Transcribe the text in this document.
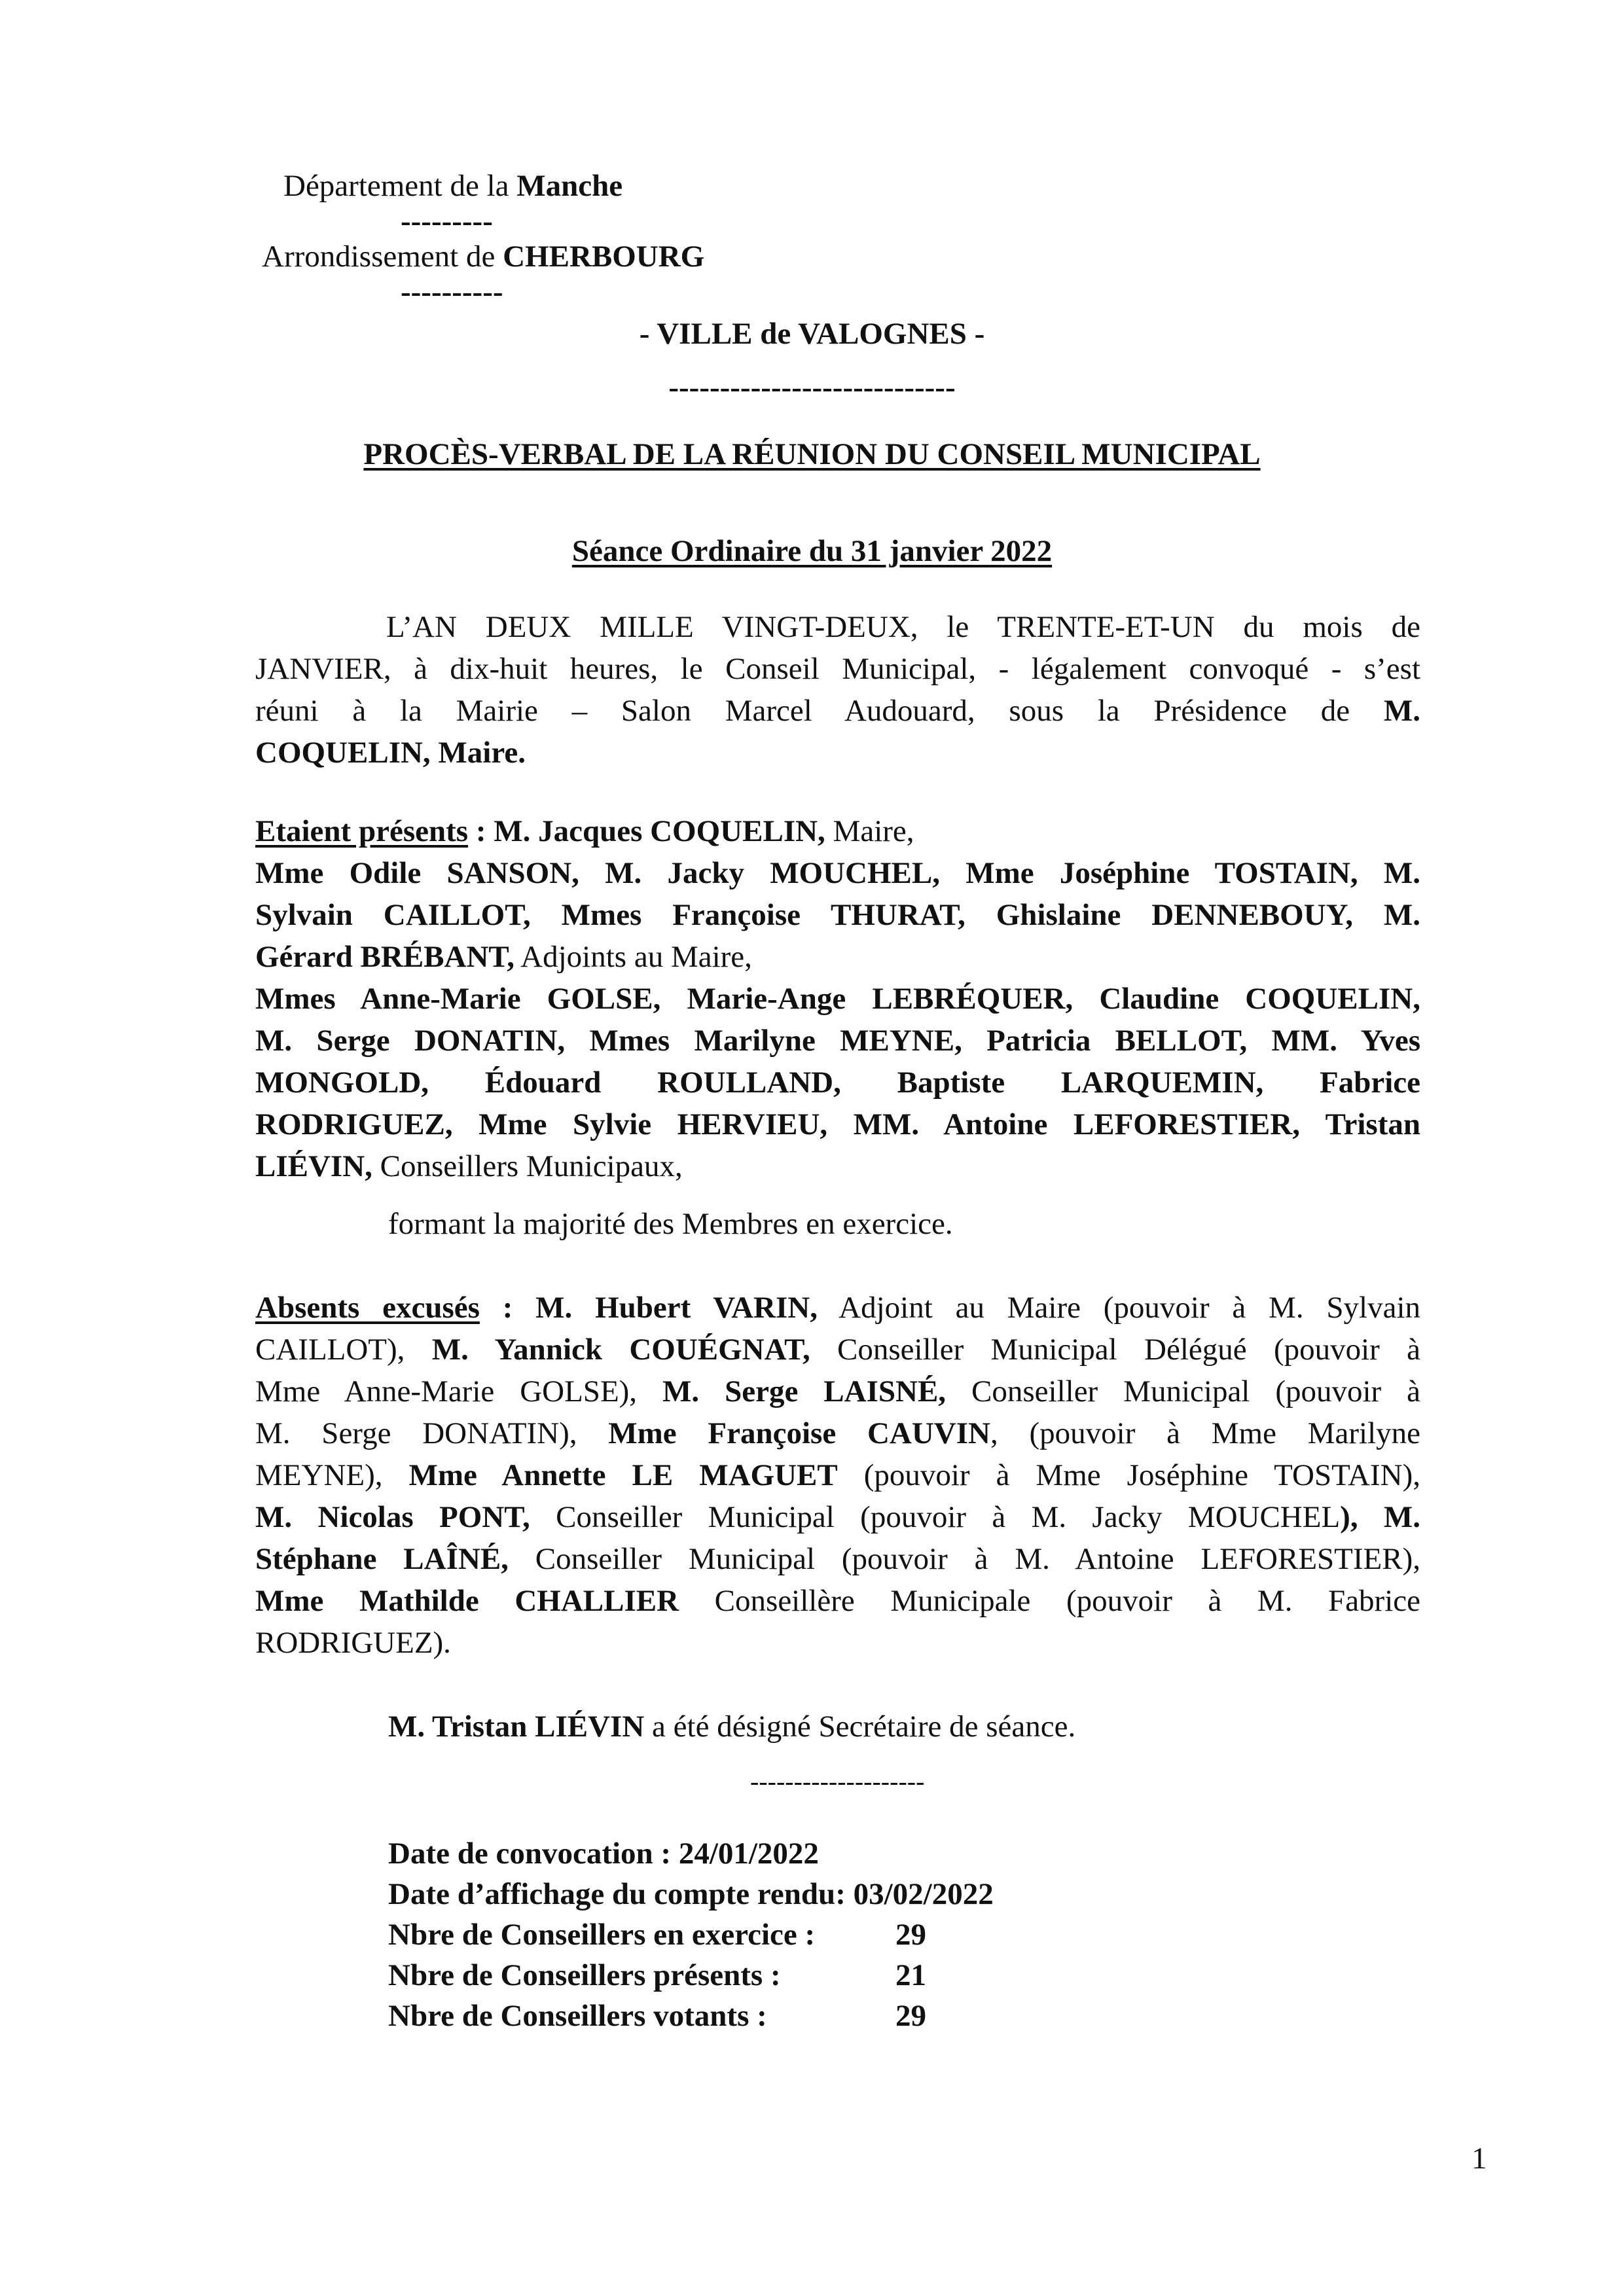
Département de la Manche
---------
Arrondissement de CHERBOURG
----------
- VILLE de VALOGNES -
----------------------------
PROCÈS-VERBAL DE LA RÉUNION DU CONSEIL MUNICIPAL
Séance Ordinaire du 31 janvier 2022
L’AN DEUX MILLE VINGT-DEUX, le TRENTE-ET-UN du mois de
JANVIER, à dix-huit heures, le Conseil Municipal, - légalement convoqué - s’est
réuni à la Mairie – Salon Marcel Audouard, sous la Présidence de M.
COQUELIN, Maire.
Etaient présents : M. Jacques COQUELIN, Maire,
Mme Odile SANSON, M. Jacky MOUCHEL, Mme Joséphine TOSTAIN, M.
Sylvain CAILLOT, Mmes Françoise THURAT, Ghislaine DENNEBOUY, M.
Gérard BRÉBANT, Adjoints au Maire,
Mmes Anne-Marie GOLSE, Marie-Ange LEBRÉQUER, Claudine COQUELIN,
M. Serge DONATIN, Mmes Marilyne MEYNE, Patricia BELLOT, MM. Yves
MONGOLD, Édouard ROULLAND, Baptiste LARQUEMIN, Fabrice
RODRIGUEZ, Mme Sylvie HERVIEU, MM. Antoine LEFORESTIER, Tristan
LIÉVIN, Conseillers Municipaux,
formant la majorité des Membres en exercice.
Absents excusés : M. Hubert VARIN, Adjoint au Maire (pouvoir à M. Sylvain
CAILLOT), M. Yannick COUÉGNAT, Conseiller Municipal Délégué (pouvoir à
Mme Anne-Marie GOLSE), M. Serge LAISNÉ, Conseiller Municipal (pouvoir à
M. Serge DONATIN), Mme Françoise CAUVIN, (pouvoir à Mme Marilyne
MEYNE), Mme Annette LE MAGUET (pouvoir à Mme Joséphine TOSTAIN),
M. Nicolas PONT, Conseiller Municipal (pouvoir à M. Jacky MOUCHEL), M.
Stéphane LAÎNÉ, Conseiller Municipal (pouvoir à M. Antoine LEFORESTIER),
Mme Mathilde CHALLIER Conseillère Municipale (pouvoir à M. Fabrice
RODRIGUEZ).
M. Tristan LIÉVIN a été désigné Secrétaire de séance.
--------------------
Date de convocation : 24/01/2022
Date d’affichage du compte rendu: 03/02/2022
Nbre de Conseillers en exercice :	29
Nbre de Conseillers présents :	21
Nbre de Conseillers votants :	29
1
